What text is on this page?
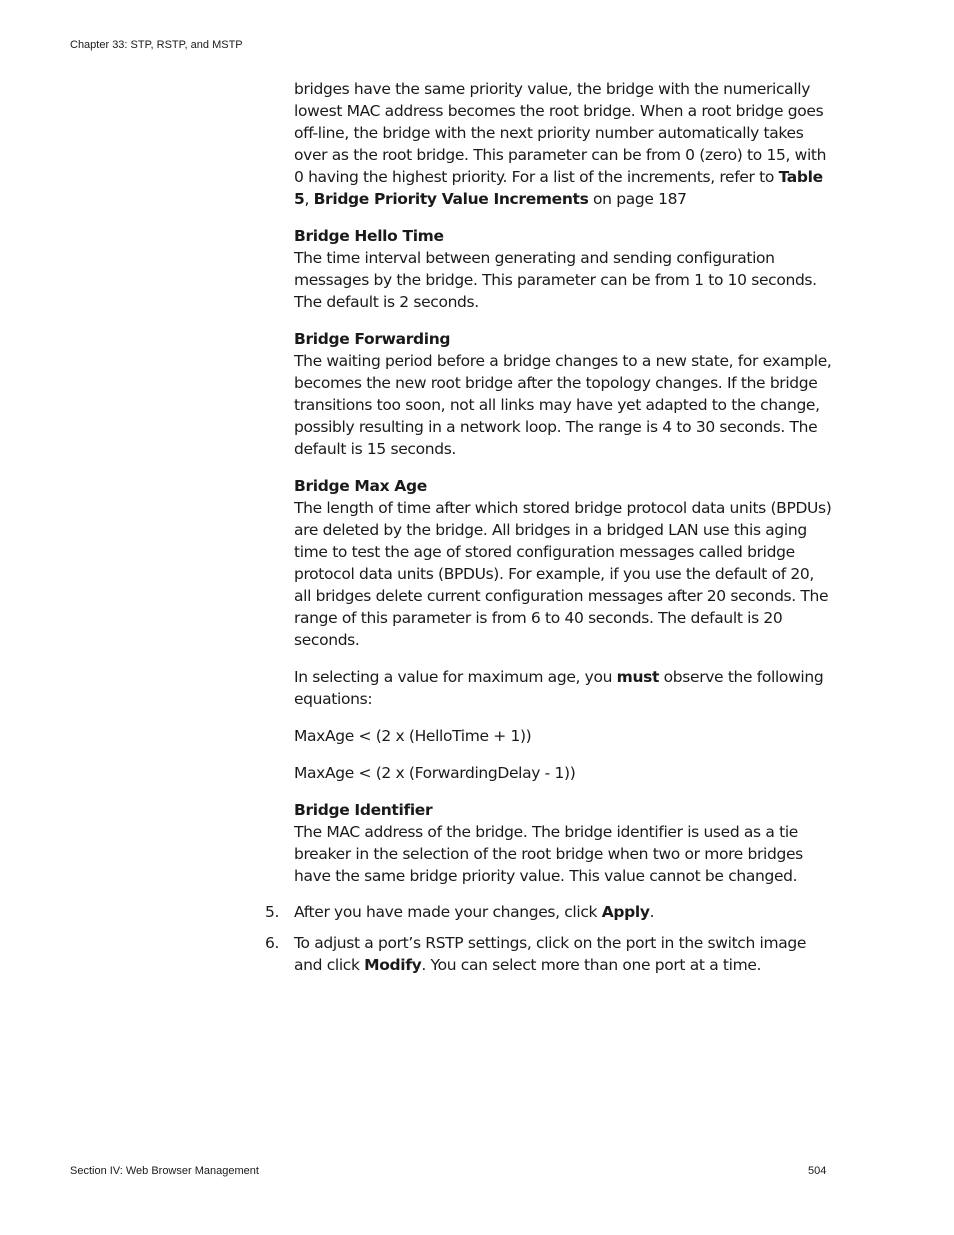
Chapter 33: STP, RSTP, and MSTP

bridges have the same priority value, the bridge with the numerically lowest MAC address becomes the root bridge. When a root bridge goes off-line, the bridge with the next priority number automatically takes over as the root bridge. This parameter can be from 0 (zero) to 15, with 0 having the highest priority. For a list of the increments, refer to Table 5, Bridge Priority Value Increments on page 187

Bridge Hello Time
The time interval between generating and sending configuration messages by the bridge. This parameter can be from 1 to 10 seconds. The default is 2 seconds.

Bridge Forwarding
The waiting period before a bridge changes to a new state, for example, becomes the new root bridge after the topology changes. If the bridge transitions too soon, not all links may have yet adapted to the change, possibly resulting in a network loop. The range is 4 to 30 seconds. The default is 15 seconds.

Bridge Max Age
The length of time after which stored bridge protocol data units (BPDUs) are deleted by the bridge. All bridges in a bridged LAN use this aging time to test the age of stored configuration messages called bridge protocol data units (BPDUs). For example, if you use the default of 20, all bridges delete current configuration messages after 20 seconds. The range of this parameter is from 6 to 40 seconds. The default is 20 seconds.

In selecting a value for maximum age, you must observe the following equations:

MaxAge < (2 x (HelloTime + 1))

MaxAge < (2 x (ForwardingDelay - 1))

Bridge Identifier
The MAC address of the bridge. The bridge identifier is used as a tie breaker in the selection of the root bridge when two or more bridges have the same bridge priority value. This value cannot be changed.

5. After you have made your changes, click Apply.
6. To adjust a port’s RSTP settings, click on the port in the switch image and click Modify. You can select more than one port at a time.
Section IV: Web Browser Management	504
